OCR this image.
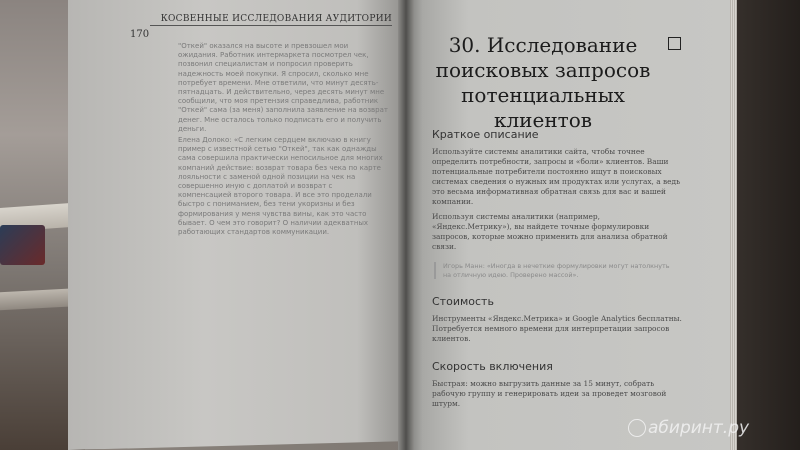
КОСВЕННЫЕ ИССЛЕДОВАНИЯ АУДИТОРИИ
170

"Откей" оказался на высоте и превзошел мои ожидания. Работник интермаркета посмотрел чек, позвонил специалистам и попросил проверить надежность моей покупки. Я спросил, сколько мне потребует времени. Мне ответили, что минут десять-пятнадцать. И действительно, через десять минут мне сообщили, что моя претензия справедлива, работник "Откей" сама (за меня) заполнила заявление на возврат денег. Мне осталось только подписать его и получить деньги.

Елена Долоко: «С легким сердцем включаю в книгу пример с известной сетью "Откей", так как однажды сама совершила практически непосильное для многих компаний действие: возврат товара без чека по карте лояльности с заменой одной позиции на чек на совершенно иную с доплатой и возврат с компенсацией второго товара. И все это проделали быстро с пониманием, без тени укоризны и без формирования у меня чувства вины, как это часто бывает. О чем это говорит? О наличии адекватных работающих стандартов коммуникации.

30. Исследование поисковых запросов потенциальных клиентов
Краткое описание

Используйте системы аналитики сайта, чтобы точнее определить потребности, запросы и «боли» клиентов. Ваши потенциальные потребители постоянно ищут в поисковых системах сведения о нужных им продуктах или услугах, а ведь это весьма информативная обратная связь для вас и вашей компании.

Используя системы аналитики (например, «Яндекс.Метрику»), вы найдете точные формулировки запросов, которые можно применить для анализа обратной связи.

Игорь Манн: «Иногда в нечеткие формулировки могут натолкнуть на отличную идею. Проверено массой».
Стоимость

Инструменты «Яндекс.Метрика» и Google Analytics бесплатны. Потребуется немного времени для интерпретации запросов клиентов.

Скорость включения

Быстрая: можно выгрузить данные за 15 минут, собрать рабочую группу и генерировать идеи за проведет мозговой штурм.

абиринт.ру
